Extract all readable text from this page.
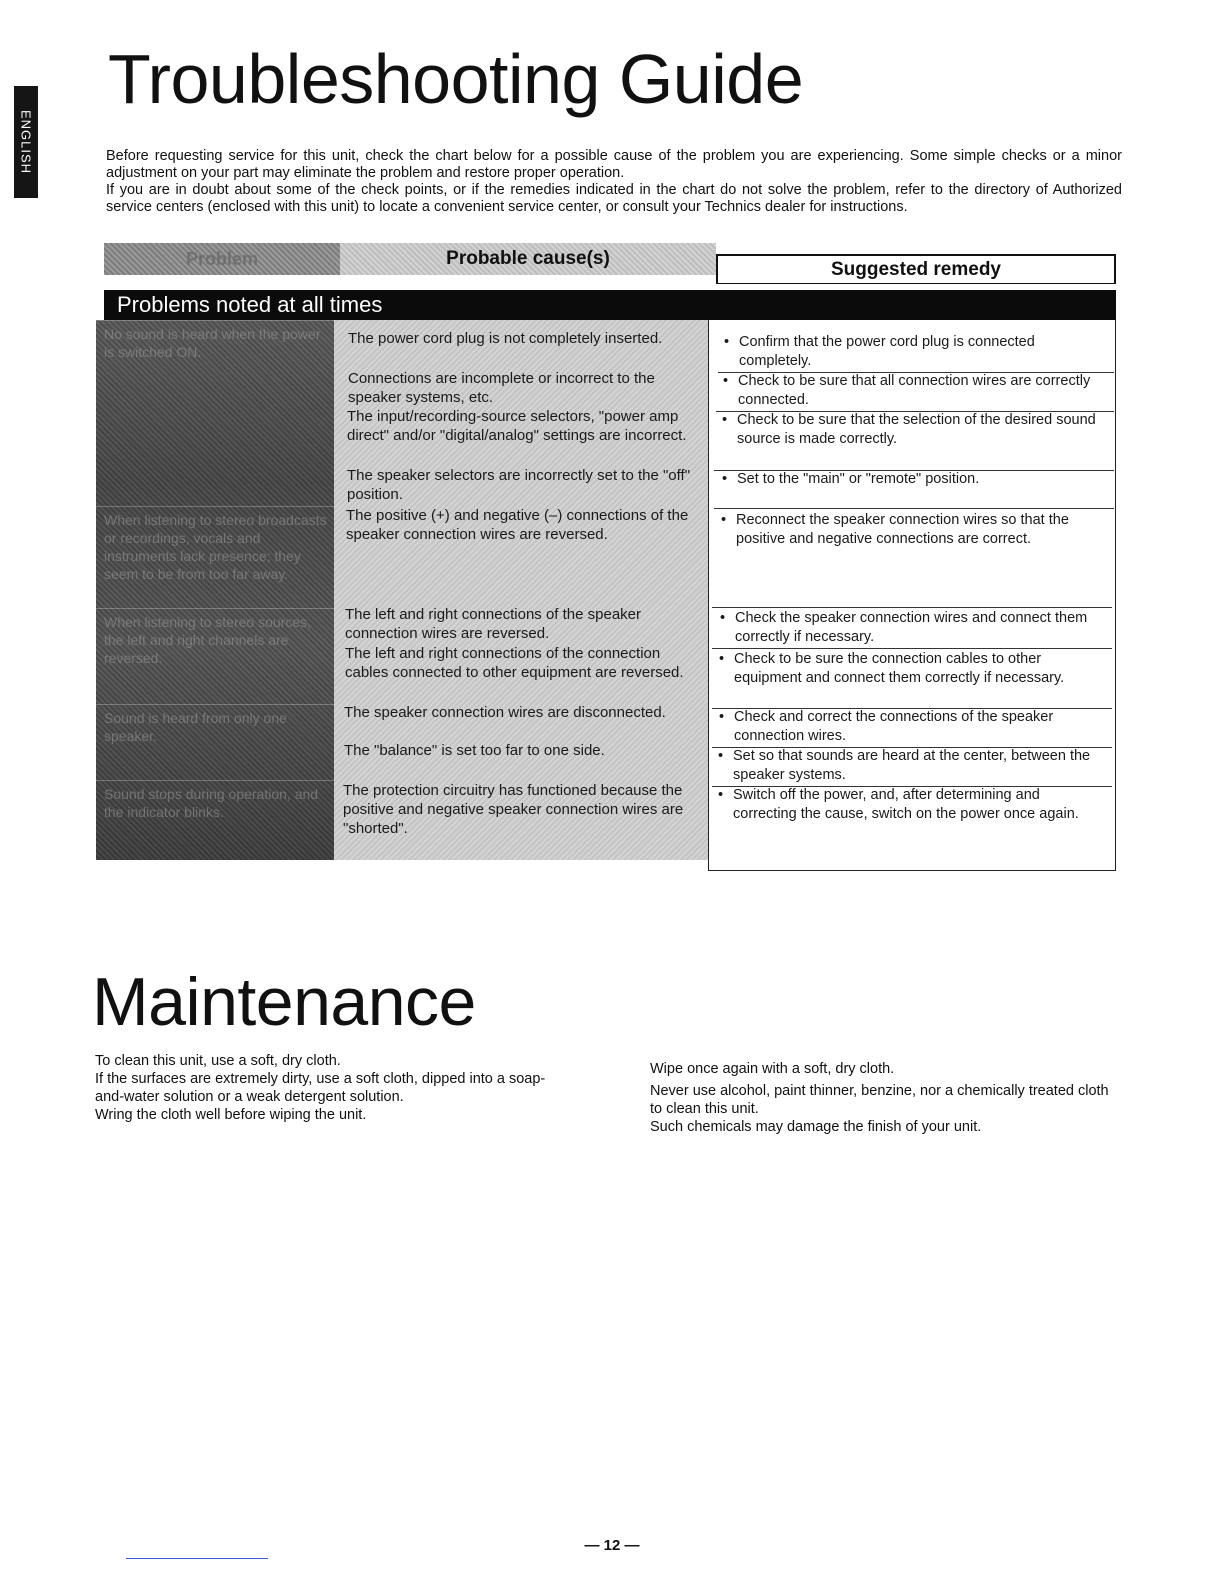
ENGLISH
Troubleshooting Guide

Before requesting service for this unit, check the chart below for a possible cause of the problem you are experiencing. Some simple checks or a minor adjustment on your part may eliminate the problem and restore proper operation.

If you are in doubt about some of the check points, or if the remedies indicated in the chart do not solve the problem, refer to the directory of Authorized service centers (enclosed with this unit) to locate a convenient service center, or consult your Technics dealer for instructions.

Problem	Probable cause(s)	Suggested remedy
Problems noted at all times
No sound is heard when the power is switched ON.
When listening to stereo broadcasts or recordings, vocals and instruments lack presence; they seem to be from too far away.
When listening to stereo sources, the left and right channels are reversed.
Sound is heard from only one speaker.
Sound stops during operation, and the indicator blinks.
The power cord plug is not completely inserted.
Connections are incomplete or incorrect to the speaker systems, etc.
The input/recording-source selectors, "power amp direct" and/or "digital/analog" settings are incorrect.
The speaker selectors are incorrectly set to the "off" position.
The positive (+) and negative (–) connections of the speaker connection wires are reversed.
The left and right connections of the speaker connection wires are reversed.
The left and right connections of the connection cables connected to other equipment are reversed.
The speaker connection wires are disconnected.
The "balance" is set too far to one side.
The protection circuitry has functioned because the positive and negative speaker connection wires are "shorted".
• Confirm that the power cord plug is connected completely.
• Check to be sure that all connection wires are correctly connected.
• Check to be sure that the selection of the desired sound source is made correctly.
• Set to the "main" or "remote" position.
• Reconnect the speaker connection wires so that the positive and negative connections are correct.
• Check the speaker connection wires and connect them correctly if necessary.
• Check to be sure the connection cables to other equipment and connect them correctly if necessary.
• Check and correct the connections of the speaker connection wires.
• Set so that sounds are heard at the center, between the speaker systems.
• Switch off the power, and, after determining and correcting the cause, switch on the power once again.
Maintenance

To clean this unit, use a soft, dry cloth.

If the surfaces are extremely dirty, use a soft cloth, dipped into a soap-and-water solution or a weak detergent solution.

Wring the cloth well before wiping the unit.

Wipe once again with a soft, dry cloth.

Never use alcohol, paint thinner, benzine, nor a chemically treated cloth to clean this unit.

Such chemicals may damage the finish of your unit.

— 12 —
